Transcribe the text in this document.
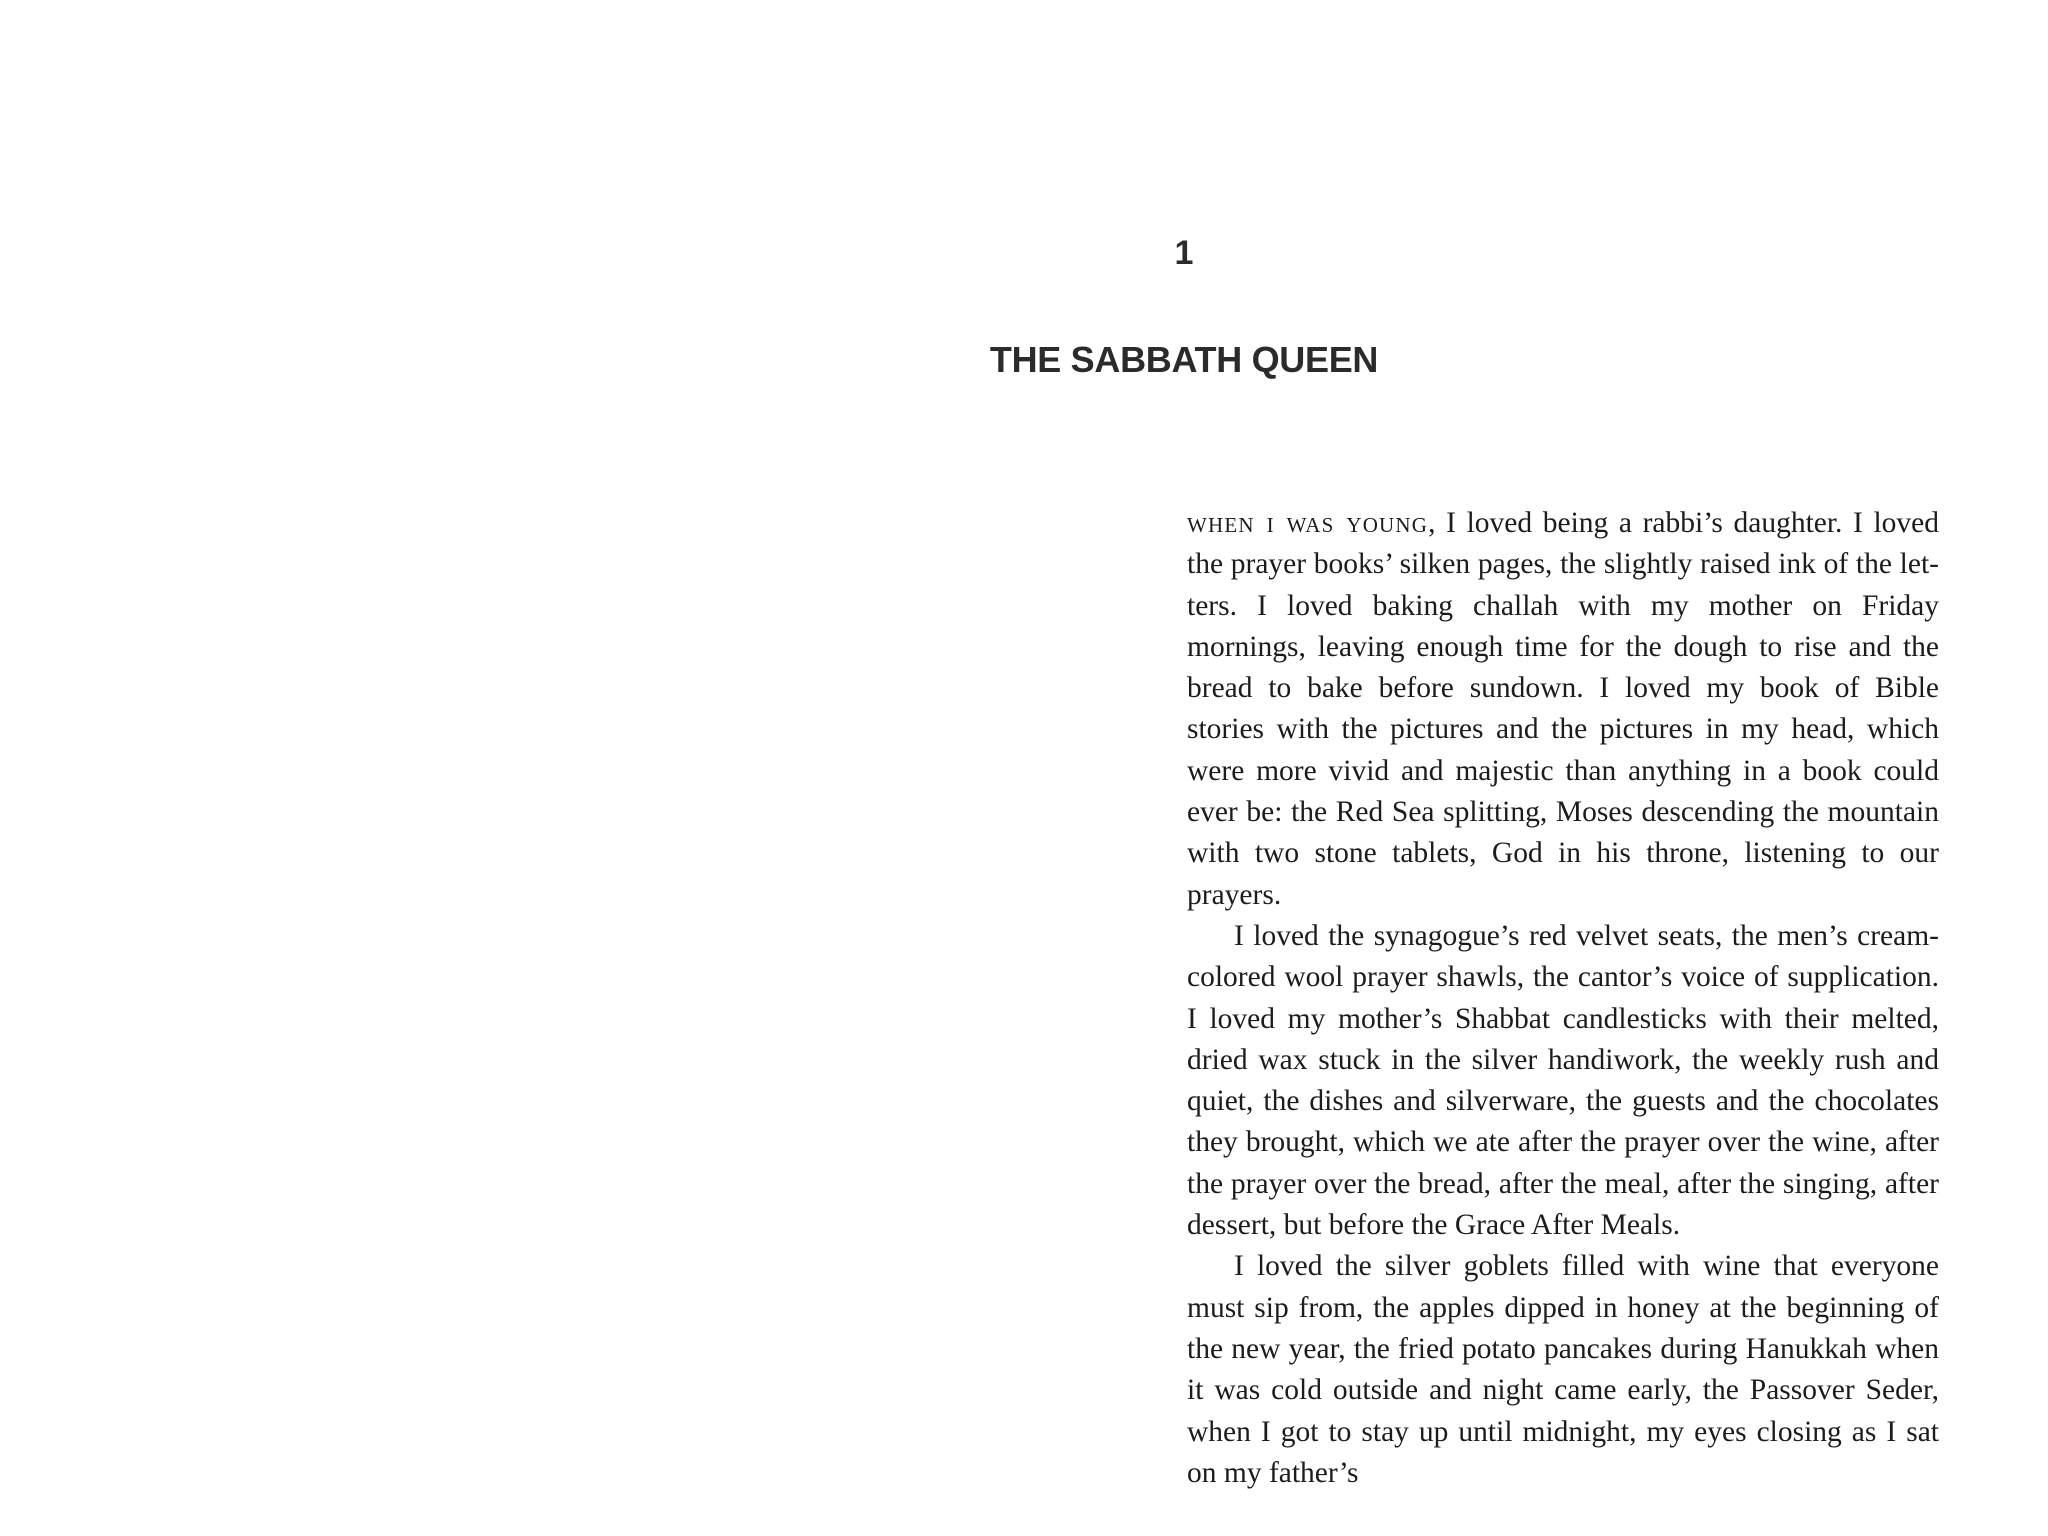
1
THE SABBATH QUEEN

when i was young, I loved being a rabbi’s daughter. I loved the prayer books’ silken pages, the slightly raised ink of the letters. I loved baking challah with my mother on Friday mornings, leaving enough time for the dough to rise and the bread to bake before sundown. I loved my book of Bible stories with the pictures and the pictures in my head, which were more vivid and majestic than anything in a book could ever be: the Red Sea splitting, Moses descending the mountain with two stone tablets, God in his throne, listening to our prayers.

I loved the synagogue’s red velvet seats, the men’s cream-colored wool prayer shawls, the cantor’s voice of supplication. I loved my mother’s Shabbat candlesticks with their melted, dried wax stuck in the silver handiwork, the weekly rush and quiet, the dishes and silverware, the guests and the chocolates they brought, which we ate after the prayer over the wine, after the prayer over the bread, after the meal, after the singing, after dessert, but before the Grace After Meals.

I loved the silver goblets filled with wine that everyone must sip from, the apples dipped in honey at the beginning of the new year, the fried potato pancakes during Hanukkah when it was cold outside and night came early, the Passover Seder, when I got to stay up until midnight, my eyes closing as I sat on my father’s
